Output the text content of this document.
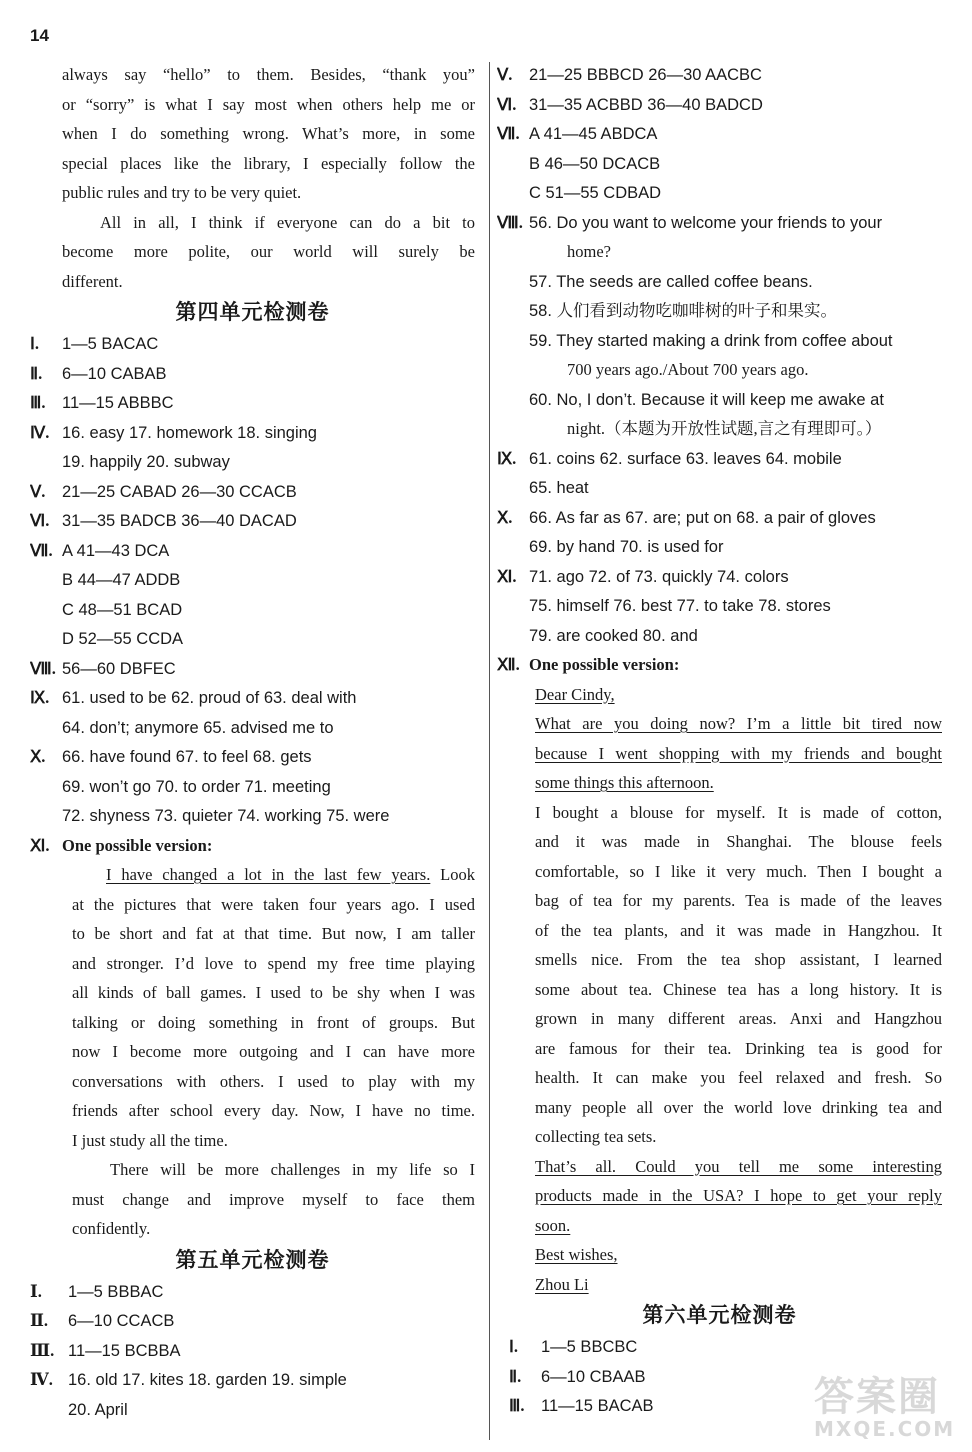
14
always say “hello” to them. Besides, “thank you”
or “sorry” is what I say most when others help me or
when I do something wrong. What’s more, in some
special places like the library, I especially follow the
public rules and try to be very quiet.
All in all, I think if everyone can do a bit to
become more polite, our world will surely be
different.
第四单元检测卷
Ⅰ. 1—5 BACAC
Ⅱ. 6—10 CABAB
Ⅲ. 11—15 ABBBC
Ⅳ. 16. easy 17. homework 18. singing
19. happily 20. subway
Ⅴ. 21—25 CABAD 26—30 CCACB
Ⅵ. 31—35 BADCB 36—40 DACAD
Ⅶ. A 41—43 DCA
B 44—47 ADDB
C 48—51 BCAD
D 52—55 CCDA
Ⅷ. 56—60 DBFEC
Ⅸ. 61. used to be 62. proud of 63. deal with
64. don’t; anymore 65. advised me to
Ⅹ. 66. have found 67. to feel 68. gets
69. won’t go 70. to order 71. meeting
72. shyness 73. quieter 74. working 75. were
Ⅺ. One possible version:
I have changed a lot in the last few years. Look
at the pictures that were taken four years ago. I used
to be short and fat at that time. But now, I am taller
and stronger. I’d love to spend my free time playing
all kinds of ball games. I used to be shy when I was
talking or doing something in front of groups. But
now I become more outgoing and I can have more
conversations with others. I used to play with my
friends after school every day. Now, I have no time.
I just study all the time.
There will be more challenges in my life so I
must change and improve myself to face them
confidently.
第五单元检测卷
Ⅰ. 1—5 BBBAC
Ⅱ. 6—10 CCACB
Ⅲ. 11—15 BCBBA
Ⅳ. 16. old 17. kites 18. garden 19. simple
20. April
Ⅴ. 21—25 BBBCD 26—30 AACBC
Ⅵ. 31—35 ACBBD 36—40 BADCD
Ⅶ. A 41—45 ABDCA
B 46—50 DCACB
C 51—55 CDBAD
Ⅷ. 56. Do you want to welcome your friends to your
home?
57. The seeds are called coffee beans.
58. 人们看到动物吃咖啡树的叶子和果实。
59. They started making a drink from coffee about
700 years ago./About 700 years ago.
60. No, I don’t. Because it will keep me awake at
night.（本题为开放性试题,言之有理即可。）
Ⅸ. 61. coins 62. surface 63. leaves 64. mobile
65. heat
Ⅹ. 66. As far as 67. are; put on 68. a pair of gloves
69. by hand 70. is used for
Ⅺ. 71. ago 72. of 73. quickly 74. colors
75. himself 76. best 77. to take 78. stores
79. are cooked 80. and
Ⅻ. One possible version:
Dear Cindy,
What are you doing now? I’m a little bit tired now
because I went shopping with my friends and bought
some things this afternoon.
I bought a blouse for myself. It is made of cotton,
and it was made in Shanghai. The blouse feels
comfortable, so I like it very much. Then I bought a
bag of tea for my parents. Tea is made of the leaves
of the tea plants, and it was made in Hangzhou. It
smells nice. From the tea shop assistant, I learned
some about tea. Chinese tea has a long history. It is
grown in many different areas. Anxi and Hangzhou
are famous for their tea. Drinking tea is good for
health. It can make you feel relaxed and fresh. So
many people all over the world love drinking tea and
collecting tea sets.
That’s all. Could you tell me some interesting
products made in the USA? I hope to get your reply
soon.
Best wishes,
Zhou Li
第六单元检测卷
Ⅰ. 1—5 BBCBC
Ⅱ. 6—10 CBAAB
Ⅲ. 11—15 BACAB	答案圈
MXQE.COM
